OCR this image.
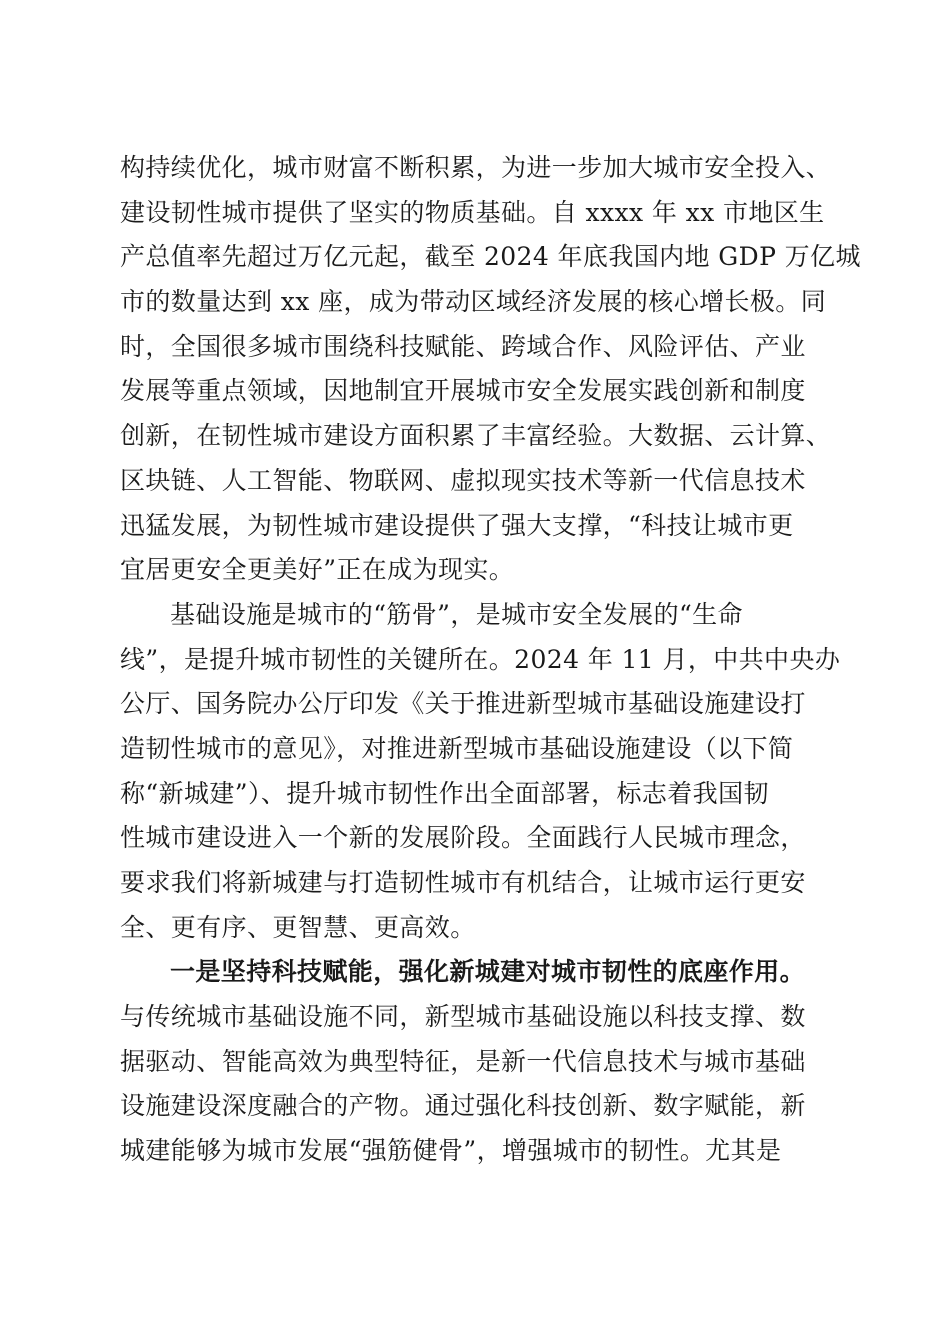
构持续优化，城市财富不断积累，为进一步加大城市安全投入、
建设韧性城市提供了坚实的物质基础。自 xxxx 年 xx 市地区生
产总值率先超过万亿元起，截至 2024 年底我国内地 GDP 万亿城
市的数量达到 xx 座，成为带动区域经济发展的核心增长极。同
时，全国很多城市围绕科技赋能、跨域合作、风险评估、产业
发展等重点领域，因地制宜开展城市安全发展实践创新和制度
创新，在韧性城市建设方面积累了丰富经验。大数据、云计算、
区块链、人工智能、物联网、虚拟现实技术等新一代信息技术
迅猛发展，为韧性城市建设提供了强大支撑，“科技让城市更
宜居更安全更美好”正在成为现实。
基础设施是城市的“筋骨”，是城市安全发展的“生命
线”，是提升城市韧性的关键所在。2024 年 11 月，中共中央办
公厅、国务院办公厅印发《关于推进新型城市基础设施建设打
造韧性城市的意见》，对推进新型城市基础设施建设（以下简
称“新城建”）、提升城市韧性作出全面部署，标志着我国韧
性城市建设进入一个新的发展阶段。全面践行人民城市理念，
要求我们将新城建与打造韧性城市有机结合，让城市运行更安
全、更有序、更智慧、更高效。
一是坚持科技赋能，强化新城建对城市韧性的底座作用。
与传统城市基础设施不同，新型城市基础设施以科技支撑、数
据驱动、智能高效为典型特征，是新一代信息技术与城市基础
设施建设深度融合的产物。通过强化科技创新、数字赋能，新
城建能够为城市发展“强筋健骨”，增强城市的韧性。尤其是
